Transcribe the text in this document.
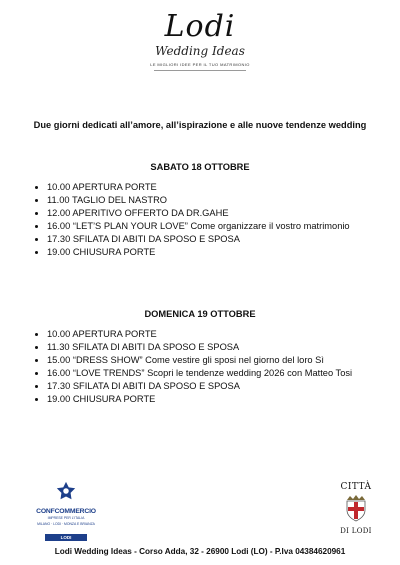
Lodi
Wedding Ideas
LE MIGLIORI IDEE PER IL TUO MATRIMONIO
Due giorni dedicati all’amore, all’ispirazione e alle nuove tendenze wedding
SABATO 18 OTTOBRE
• 10.00 APERTURA PORTE
• 11.00 TAGLIO DEL NASTRO
• 12.00 APERITIVO OFFERTO DA DR.GAHE
• 16.00 “LET’S PLAN YOUR LOVE” Come organizzare il vostro matrimonio
• 17.30 SFILATA DI ABITI DA SPOSO E SPOSA
• 19.00 CHIUSURA PORTE
DOMENICA 19 OTTOBRE
• 10.00 APERTURA PORTE
• 11.30 SFILATA DI ABITI DA SPOSO E SPOSA
• 15.00 “DRESS SHOW” Come vestire gli sposi nel giorno del loro Sì
• 16.00 “LOVE TRENDS” Scopri le tendenze wedding 2026 con Matteo Tosi
• 17.30 SFILATA DI ABITI DA SPOSO E SPOSA
• 19.00 CHIUSURA PORTE
CONFCOMMERCIO
IMPRESE PER L’ITALIA
MILANO · LODI · MONZA E BRIANZA
LODI
CITTÀ
DI LODI
Lodi Wedding Ideas - Corso Adda, 32 - 26900 Lodi (LO) - P.Iva 04384620961
